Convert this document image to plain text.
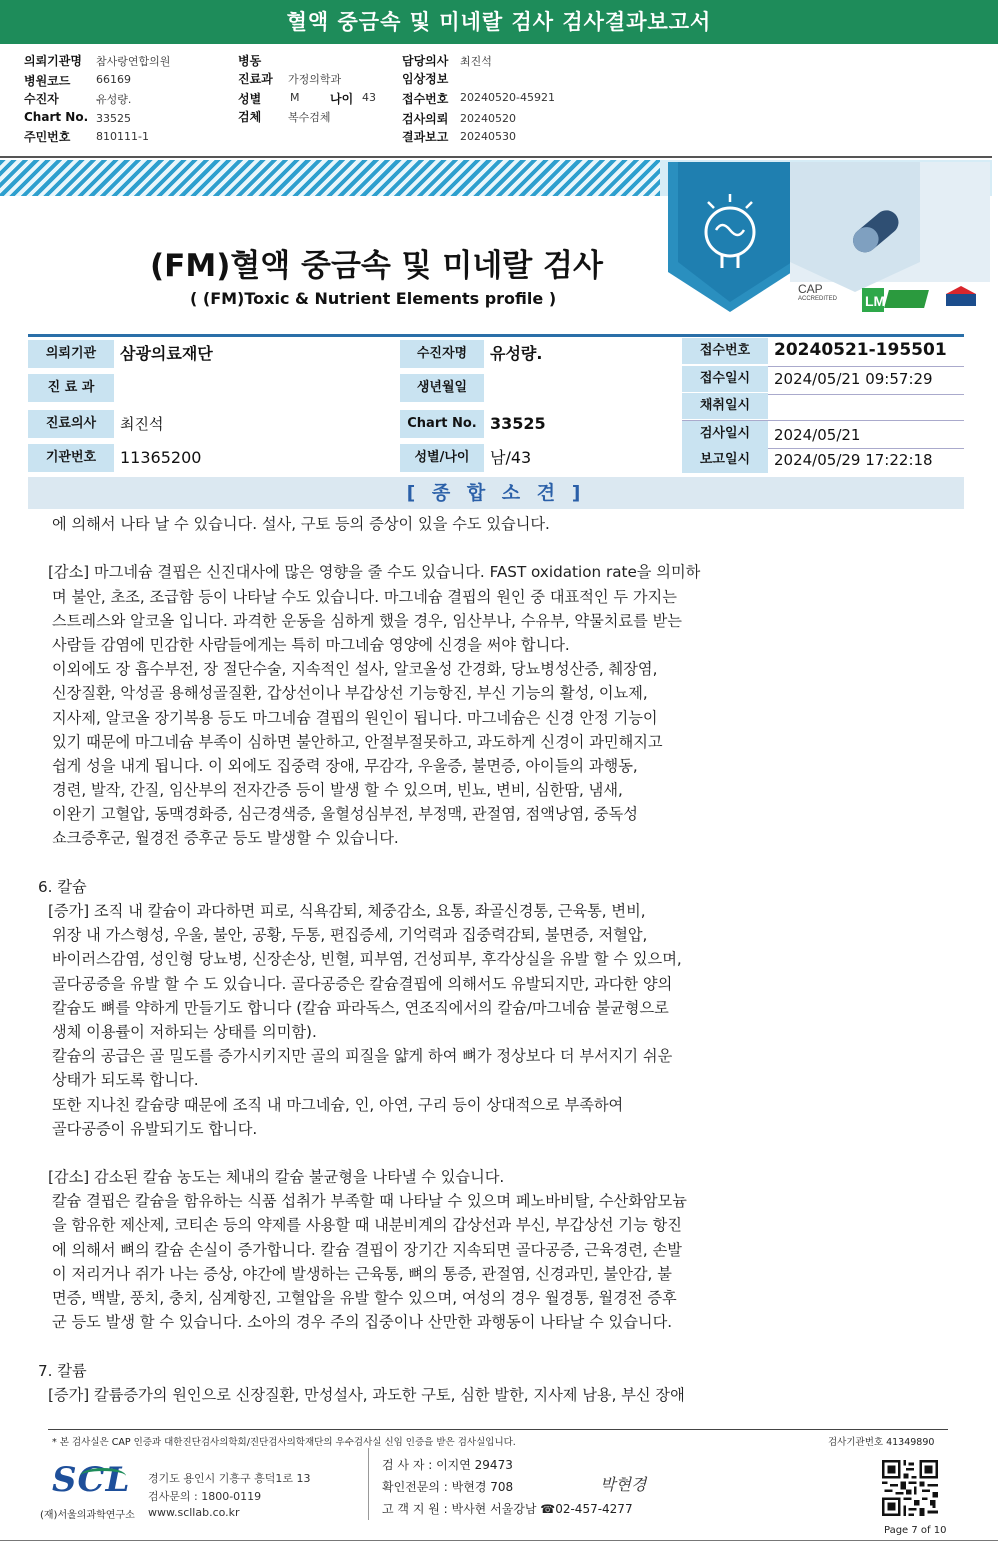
혈액 중금속 및 미네랄 검사 검사결과보고서
의뢰기관명 참사랑연합의원
병원코드 66169
수진자	유성량.
Chart No. 33525
주민번호 810111-1
병동
진료과 가정의학과
성별	M	나이 43
검체 복수검체
담당의사 최진석
임상정보
접수번호 20240520-45921
검사의뢰 20240520
결과보고 20240530
CAP
ACCREDITED LM
(FM)혈액 중금속 및 미네랄 검사
( (FM)Toxic & Nutrient Elements profile )
의뢰기관	삼광의료재단
진 료 과
진료의사	최진석
기관번호	11365200
수진자명	유성량.
생년월일
Chart No. 33525
성별/나이	남/43
접수번호	20240521-195501
접수일시	2024/05/21 09:57:29
채취일시
검사일시	2024/05/21
보고일시	2024/05/29 17:22:18
[ 종 합 소 견 ]
에 의해서 나타 날 수 있습니다. 설사, 구토 등의 증상이 있을 수도 있습니다.
[감소] 마그네슘 결핍은 신진대사에 많은 영향을 줄 수도 있습니다. FAST oxidation rate을 의미하
며 불안, 초조, 조급함 등이 나타날 수도 있습니다. 마그네슘 결핍의 원인 중 대표적인 두 가지는
스트레스와 알코올 입니다. 과격한 운동을 심하게 했을 경우, 임산부나, 수유부, 약물치료를 받는
사람들 감염에 민감한 사람들에게는 특히 마그네슘 영양에 신경을 써야 합니다.
이외에도 장 흡수부전, 장 절단수술, 지속적인 설사, 알코올성 간경화, 당뇨병성산증, 췌장염,
신장질환, 악성골 용해성골질환, 갑상선이나 부갑상선 기능항진, 부신 기능의 활성, 이뇨제,
지사제, 알코올 장기복용 등도 마그네슘 결핍의 원인이 됩니다. 마그네슘은 신경 안정 기능이
있기 때문에 마그네슘 부족이 심하면 불안하고, 안절부절못하고, 과도하게 신경이 과민해지고
쉽게 성을 내게 됩니다. 이 외에도 집중력 장애, 무감각, 우울증, 불면증, 아이들의 과행동,
경련, 발작, 간질, 임산부의 전자간증 등이 발생 할 수 있으며, 빈뇨, 변비, 심한땀, 냄새,
이완기 고혈압, 동맥경화증, 심근경색증, 울혈성심부전, 부정맥, 관절염, 점액낭염, 중독성
쇼크증후군, 월경전 증후군 등도 발생할 수 있습니다.
6. 칼슘
[증가] 조직 내 칼슘이 과다하면 피로, 식욕감퇴, 체중감소, 요통, 좌골신경통, 근육통, 변비,
위장 내 가스형성, 우울, 불안, 공황, 두통, 편집증세, 기억력과 집중력감퇴, 불면증, 저혈압,
바이러스감염, 성인형 당뇨병, 신장손상, 빈혈, 피부염, 건성피부, 후각상실을 유발 할 수 있으며,
골다공증을 유발 할 수 도 있습니다. 골다공증은 칼슘결핍에 의해서도 유발되지만, 과다한 양의
칼슘도 뼈를 약하게 만들기도 합니다 (칼슘 파라독스, 연조직에서의 칼슘/마그네슘 불균형으로
생체 이용률이 저하되는 상태를 의미함).
칼슘의 공급은 골 밀도를 증가시키지만 골의 피질을 얇게 하여 뼈가 정상보다 더 부서지기 쉬운
상태가 되도록 합니다.
또한 지나친 칼슘량 때문에 조직 내 마그네슘, 인, 아연, 구리 등이 상대적으로 부족하여
골다공증이 유발되기도 합니다.
[감소] 감소된 칼슘 농도는 체내의 칼슘 불균형을 나타낼 수 있습니다.
칼슘 결핍은 칼슘을 함유하는 식품 섭취가 부족할 때 나타날 수 있으며 페노바비탈, 수산화암모늄
을 함유한 제산제, 코티손 등의 약제를 사용할 때 내분비계의 갑상선과 부신, 부갑상선 기능 항진
에 의해서 뼈의 칼슘 손실이 증가합니다. 칼슘 결핍이 장기간 지속되면 골다공증, 근육경련, 손발
이 저리거나 쥐가 나는 증상, 야간에 발생하는 근육통, 뼈의 통증, 관절염, 신경과민, 불안감, 불
면증, 백발, 풍치, 충치, 심계항진, 고혈압을 유발 할수 있으며, 여성의 경우 월경통, 월경전 증후
군 등도 발생 할 수 있습니다. 소아의 경우 주의 집중이나 산만한 과행동이 나타날 수 있습니다.
7. 칼륨
[증가] 칼륨증가의 원인으로 신장질환, 만성설사, 과도한 구토, 심한 발한, 지사제 남용, 부신 장애
* 본 검사실은 CAP 인증과 대한진단검사의학회/진단검사의학재단의 우수검사실 신임 인증을 받은 검사실입니다.	검사기관번호 41349890
SCL
(재)서울의과학연구소
경기도 용인시 기흥구 흥덕1로 13
검사문의 : 1800-0119
www.scllab.co.kr
검 사 자 : 이지연 29473
확인전문의 : 박현경 708
고 객 지 원 : 박사현 서울강남 ☎02-457-4277
박현경
Page 7 of 10
